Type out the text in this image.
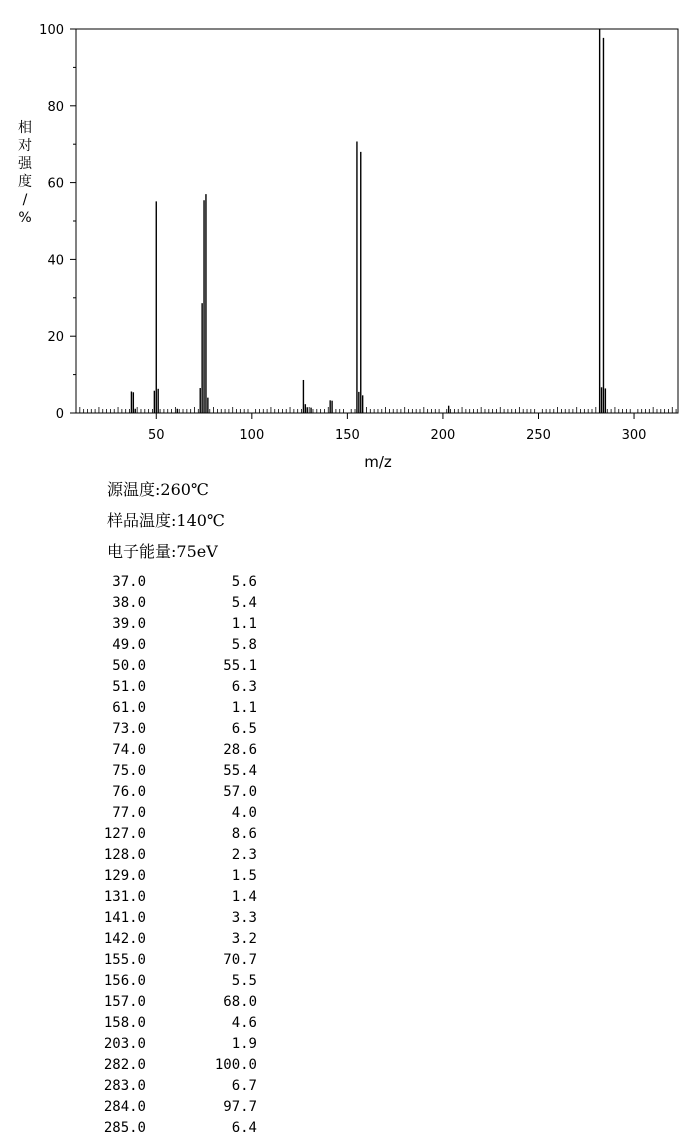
0
20
40
60
80
100
50	100	150	200	250	300
m/z
相对强度/ %
源温度:260℃
样品温度:140℃
电子能量:75eV
37.0	5.6
38.0	5.4
39.0	1.1
49.0	5.8
50.0	55.1
51.0	6.3
61.0	1.1
73.0	6.5
74.0	28.6
75.0	55.4
76.0	57.0
77.0	4.0
127.0	8.6
128.0	2.3
129.0	1.5
131.0	1.4
141.0	3.3
142.0	3.2
155.0	70.7
156.0	5.5
157.0	68.0
158.0	4.6
203.0	1.9
282.0	100.0
283.0	6.7
284.0	97.7
285.0	6.4
